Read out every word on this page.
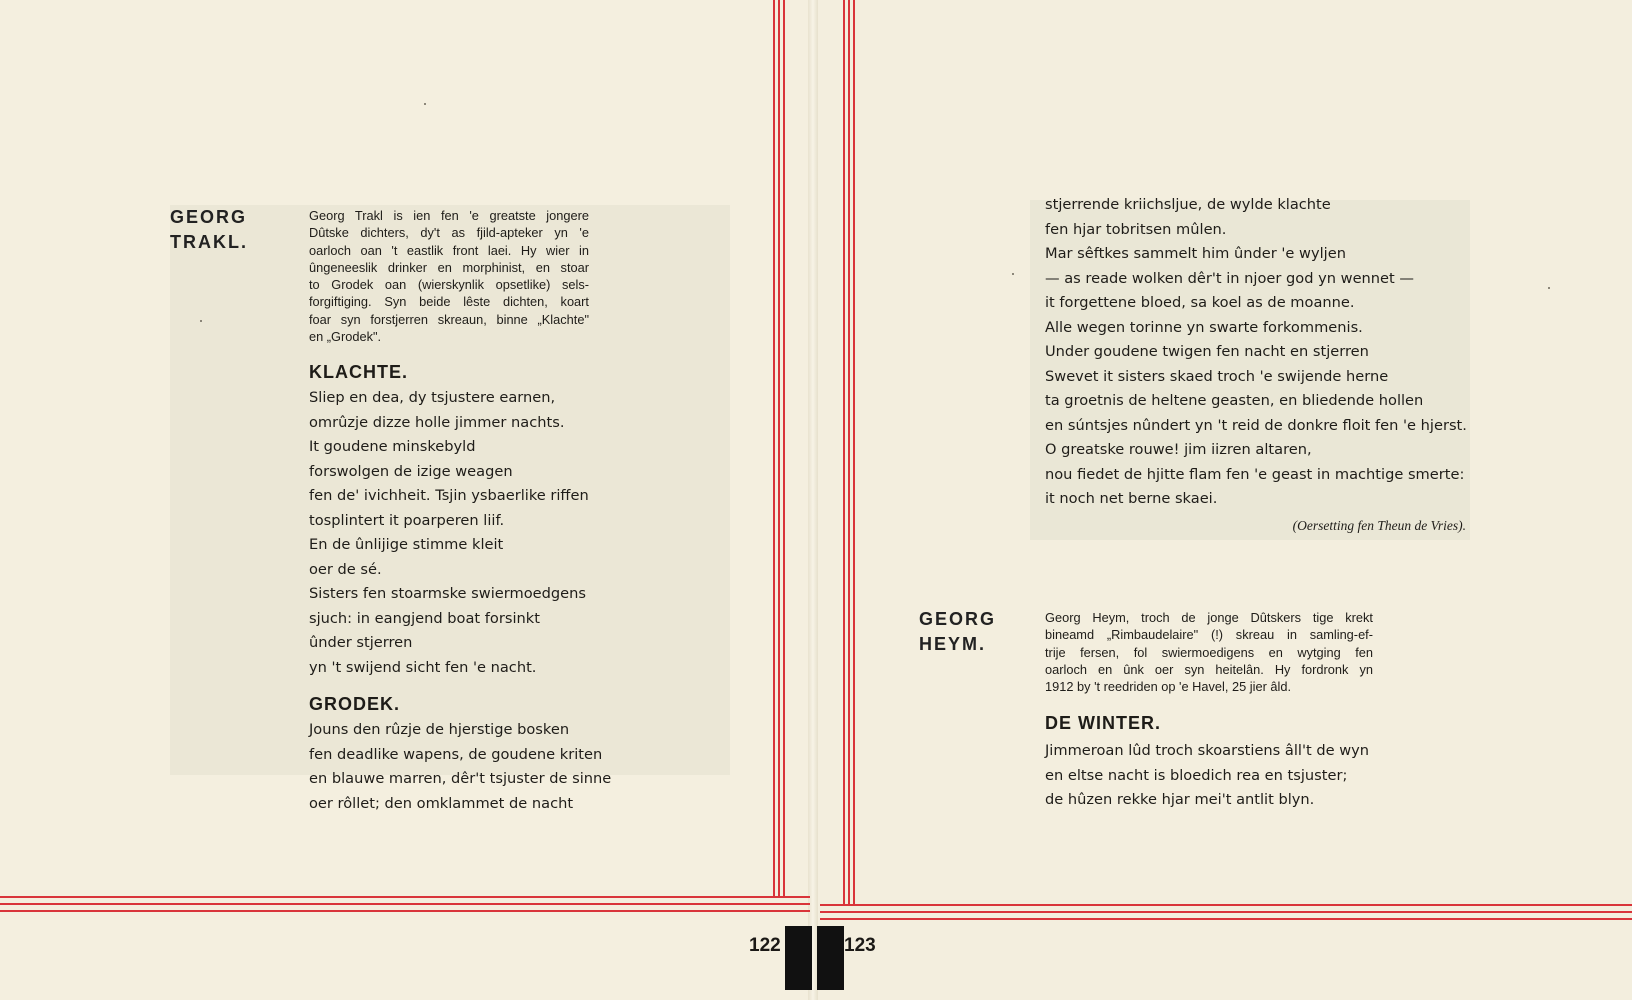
GEORG
TRAKL.
Georg Trakl is ien fen 'e greatste jongere
Dûtske dichters, dy't as fjild-apteker yn 'e
oarloch oan 't eastlik front laei. Hy wier in
ûngeneeslik drinker en morphinist, en stoar
to Grodek oan (wierskynlik opsetlike) sels-
forgiftiging. Syn beide lêste dichten, koart
foar syn forstjerren skreaun, binne „Klachte"
en „Grodek".
KLACHTE.
Sliep en dea, dy tsjustere earnen,
omrûzje dizze holle jimmer nachts.
It goudene minskebyld
forswolgen de izige weagen
fen de' ivichheit. Tsjin ysbaerlike riffen
tosplintert it poarperen liif.
En de ûnlijige stimme kleit
oer de sé.
Sisters fen stoarmske swiermoedgens
sjuch: in eangjend boat forsinkt
ûnder stjerren
yn 't swijend sicht fen 'e nacht.
GRODEK.
Jouns den rûzje de hjerstige bosken
fen deadlike wapens, de goudene kriten
en blauwe marren, dêr't tsjuster de sinne
oer rôllet; den omklammet de nacht
stjerrende kriichsljue, de wylde klachte
fen hjar tobritsen mûlen.
Mar sêftkes sammelt him ûnder 'e wyljen
— as reade wolken dêr't in njoer god yn wennet —
it forgettene bloed, sa koel as de moanne.
Alle wegen torinne yn swarte forkommenis.
Under goudene twigen fen nacht en stjerren
Swevet it sisters skaed troch 'e swijende herne
ta groetnis de heltene geasten, en bliedende hollen
en súntsjes nûndert yn 't reid de donkre floit fen 'e hjerst.
O greatske rouwe! jim iizren altaren,
nou fiedet de hjitte flam fen 'e geast in machtige smerte:
it noch net berne skaei.
(Oersetting fen Theun de Vries).
GEORG
HEYM.
Georg Heym, troch de jonge Dûtskers tige krekt
bineamd „Rimbaudelaire" (!) skreau in samling-ef-
trije fersen, fol swiermoedigens en wytging fen
oarloch en ûnk oer syn heitelân. Hy fordronk yn
1912 by 't reedriden op 'e Havel, 25 jier âld.
DE WINTER.
Jimmeroan lûd troch skoarstiens âll't de wyn
en eltse nacht is bloedich rea en tsjuster;
de hûzen rekke hjar mei't antlit blyn.
122	123
